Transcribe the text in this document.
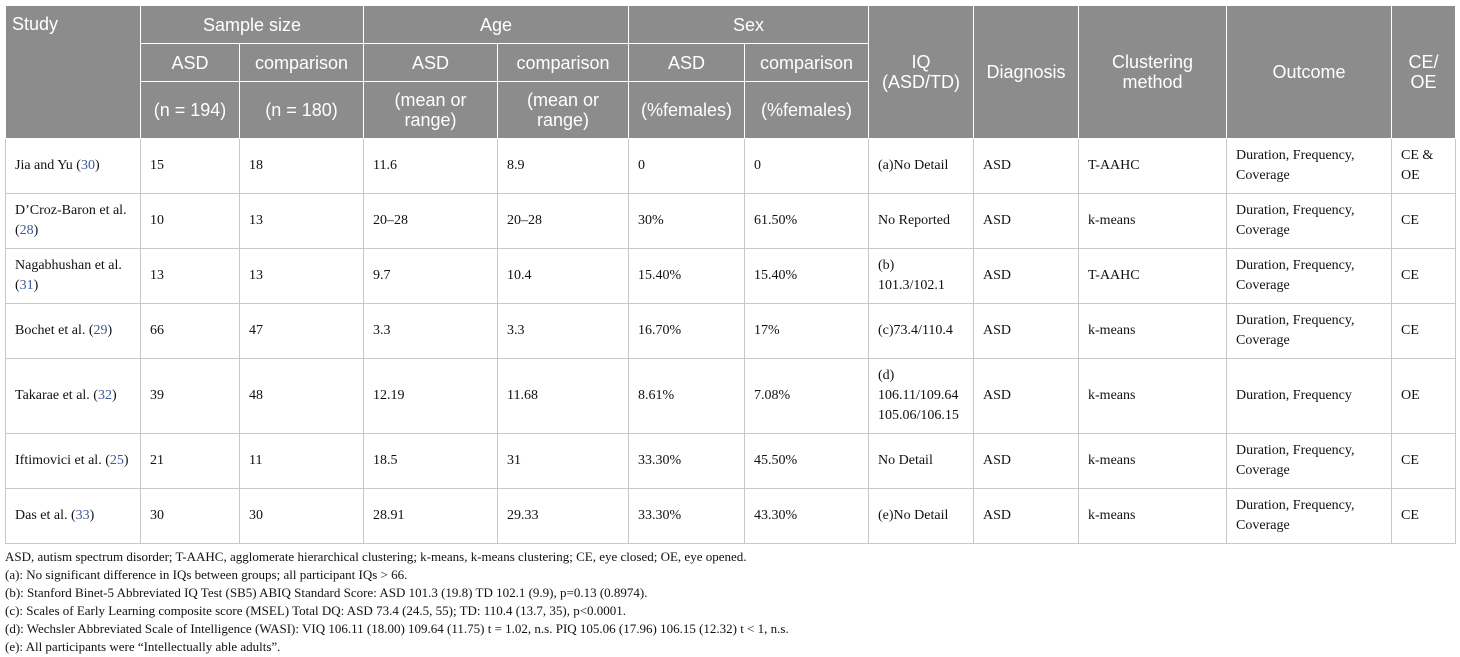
Study	Sample size		Age		Sex		IQ (ASD/TD)	Diagnosis	Clustering method	Outcome	CE/ OE
	ASD	comparison	ASD	comparison	ASD	comparison					
	(n = 194)	(n = 180)	(mean or range)	(mean or range)	(%females)	(%females)					
Jia and Yu (30)	15	18	11.6	8.9	0	0	(a)No Detail	ASD	T-AAHC	Duration, Frequency, Coverage	CE & OE
D’Croz-Baron et al. (28)	10	13	20–28	20–28	30%	61.50%	No Reported	ASD	k-means	Duration, Frequency, Coverage	CE
Nagabhushan et al. (31)	13	13	9.7	10.4	15.40%	15.40%	(b) 101.3/102.1	ASD	T-AAHC	Duration, Frequency, Coverage	CE
Bochet et al. (29)	66	47	3.3	3.3	16.70%	17%	(c)73.4/110.4	ASD	k-means	Duration, Frequency, Coverage	CE
Takarae et al. (32)	39	48	12.19	11.68	8.61%	7.08%	(d) 106.11/109.64 105.06/106.15	ASD	k-means	Duration, Frequency	OE
Iftimovici et al. (25)	21	11	18.5	31	33.30%	45.50%	No Detail	ASD	k-means	Duration, Frequency, Coverage	CE
Das et al. (33)	30	30	28.91	29.33	33.30%	43.30%	(e)No Detail	ASD	k-means	Duration, Frequency, Coverage	CE
ASD, autism spectrum disorder; T-AAHC, agglomerate hierarchical clustering; k-means, k-means clustering; CE, eye closed; OE, eye opened.
(a): No significant difference in IQs between groups; all participant IQs > 66.
(b): Stanford Binet-5 Abbreviated IQ Test (SB5) ABIQ Standard Score: ASD 101.3 (19.8) TD 102.1 (9.9), p=0.13 (0.8974).
(c): Scales of Early Learning composite score (MSEL) Total DQ: ASD 73.4 (24.5, 55); TD: 110.4 (13.7, 35), p<0.0001.
(d): Wechsler Abbreviated Scale of Intelligence (WASI): VIQ 106.11 (18.00) 109.64 (11.75) t = 1.02, n.s. PIQ 105.06 (17.96) 106.15 (12.32) t < 1, n.s.
(e): All participants were “Intellectually able adults”.
